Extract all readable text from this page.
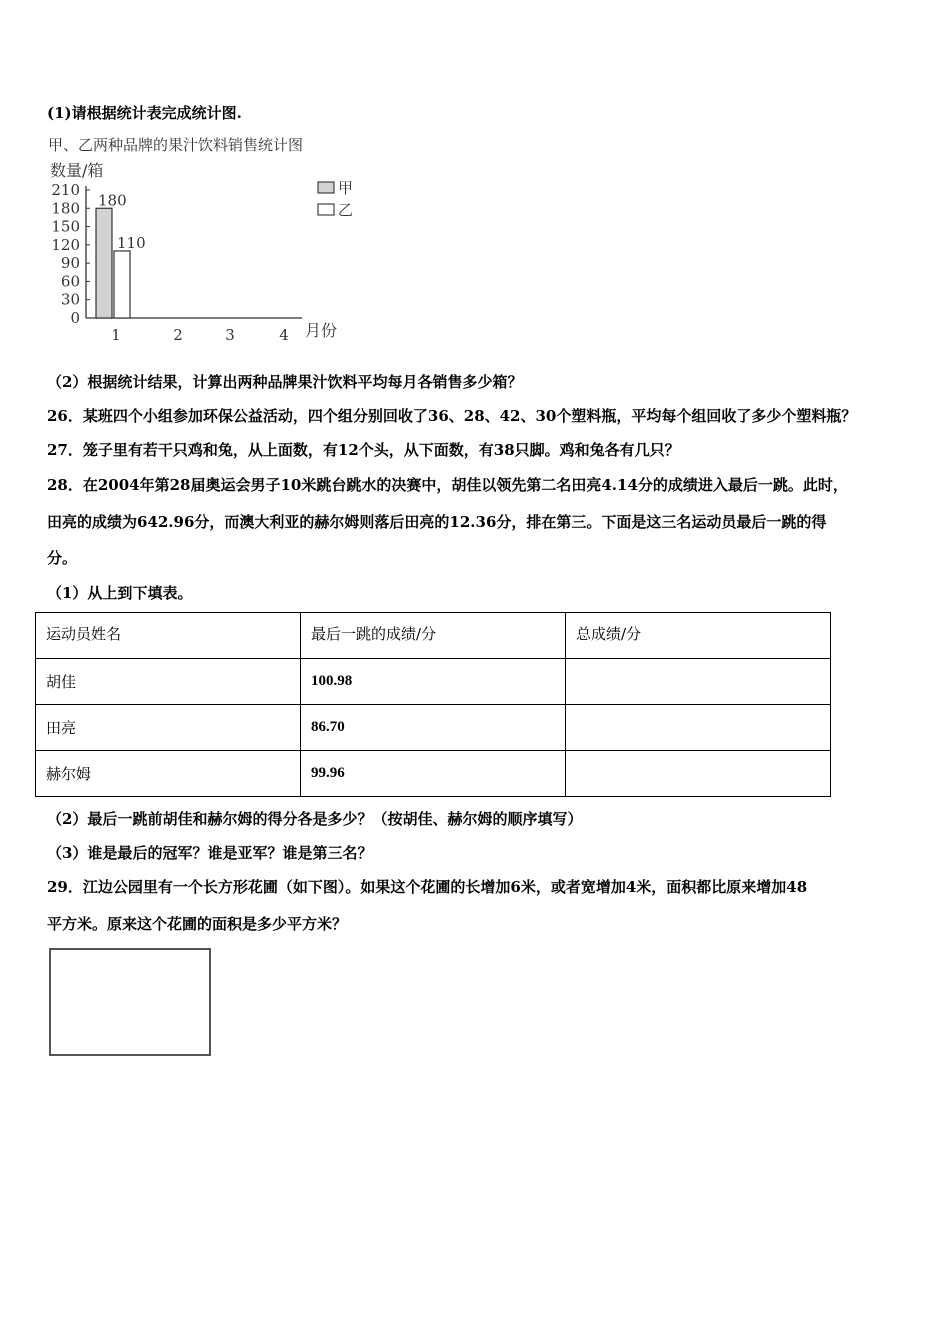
(1)请根据统计表完成统计图.
甲、乙两种品牌的果汁饮料销售统计图
数量/箱
0
30
60
90
120
150
180
210
180
110
1	2	3	4 月份
甲
乙
（2）根据统计结果，计算出两种品牌果汁饮料平均每月各销售多少箱？
26．某班四个小组参加环保公益活动，四个组分别回收了36、28、42、30个塑料瓶，平均每个组回收了多少个塑料瓶？
27．笼子里有若干只鸡和兔，从上面数，有12个头，从下面数，有38只脚。鸡和兔各有几只？
28．在2004年第28届奥运会男子10米跳台跳水的决赛中，胡佳以领先第二名田亮4.14分的成绩进入最后一跳。此时，
田亮的成绩为642.96分，而澳大利亚的赫尔姆则落后田亮的12.36分，排在第三。下面是这三名运动员最后一跳的得
分。
（1）从上到下填表。
运动员姓名	最后一跳的成绩/分	总成绩/分
胡佳	100.98	
田亮	86.70	
赫尔姆	99.96	
（2）最后一跳前胡佳和赫尔姆的得分各是多少？（按胡佳、赫尔姆的顺序填写）
（3）谁是最后的冠军？谁是亚军？谁是第三名？
29．江边公园里有一个长方形花圃（如下图）。如果这个花圃的长增加6米，或者宽增加4米，面积都比原来增加48
平方米。原来这个花圃的面积是多少平方米？
